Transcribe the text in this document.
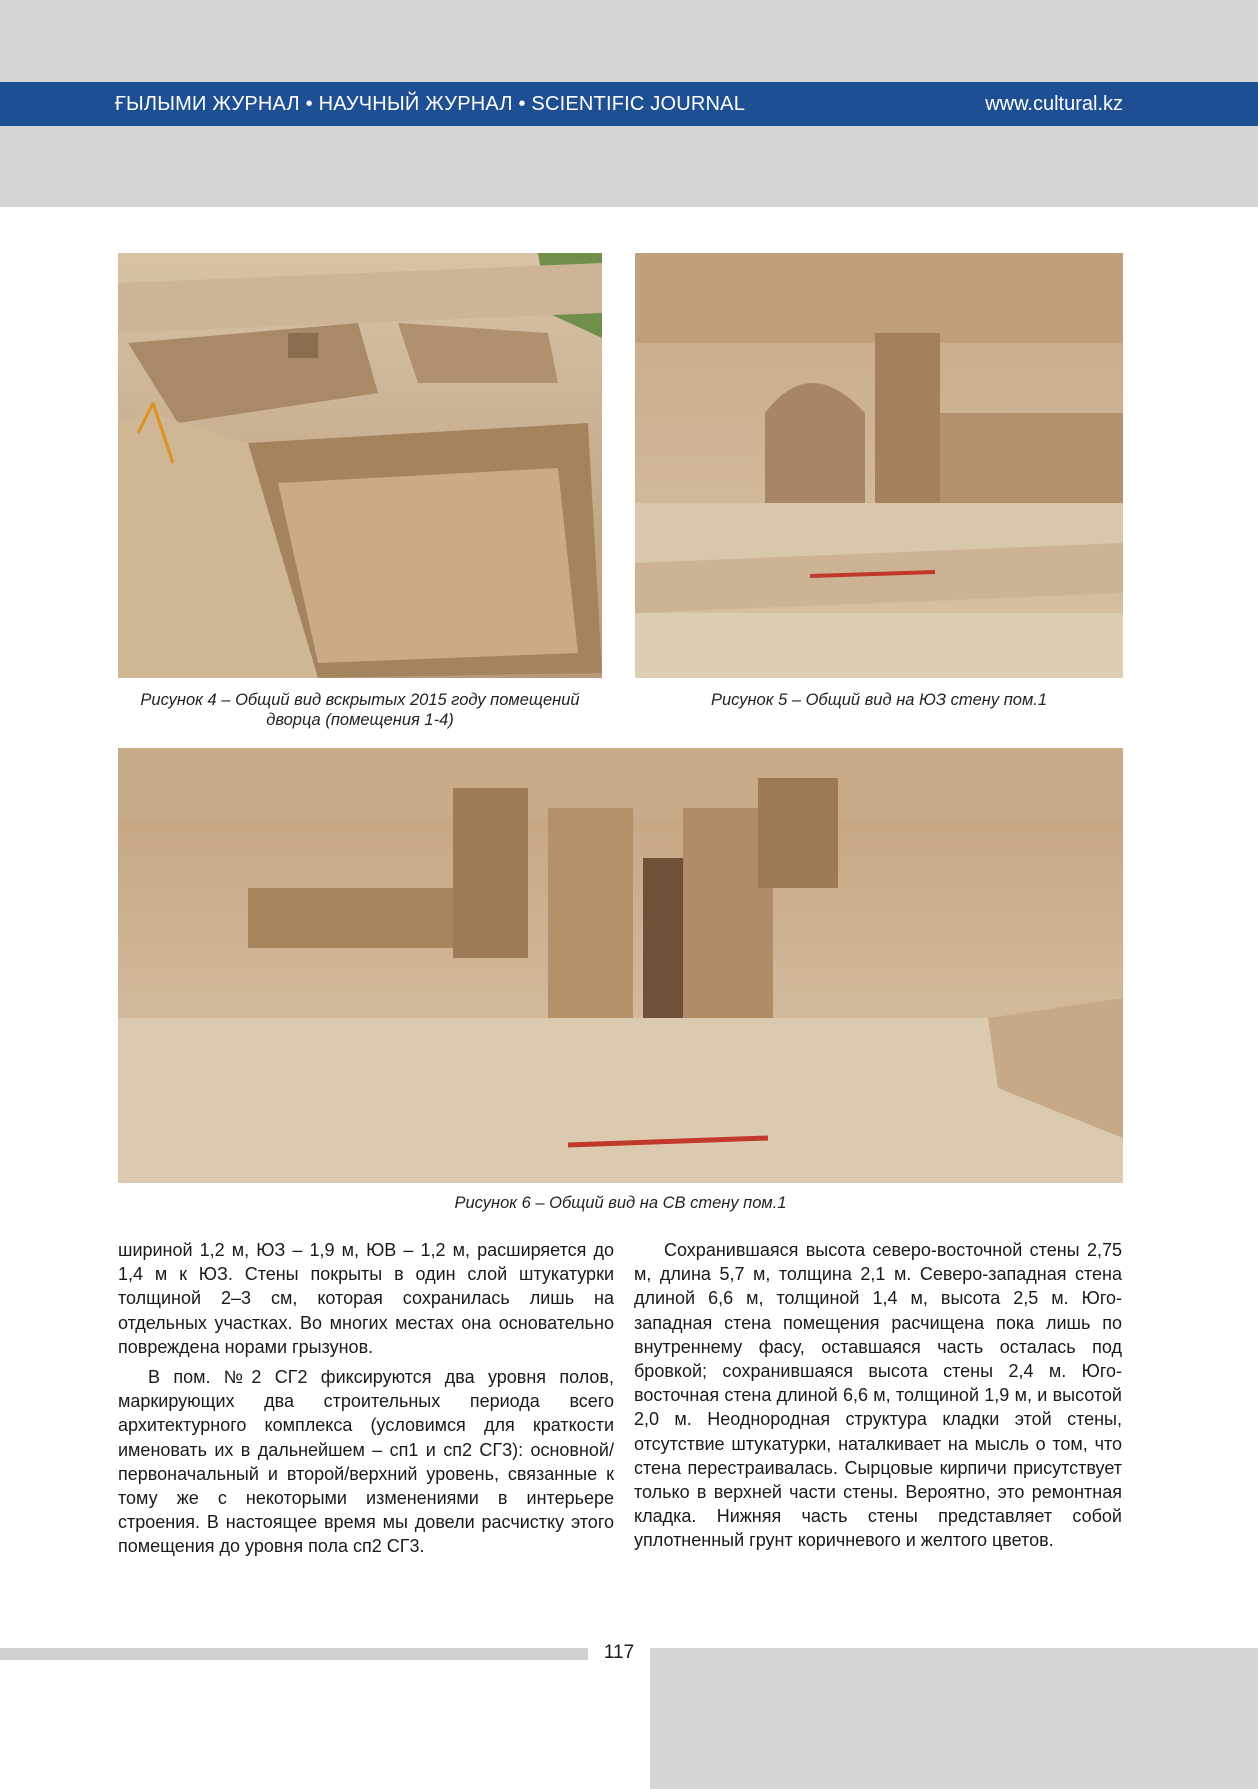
ҒЫЛЫМИ ЖУРНАЛ • НАУЧНЫЙ ЖУРНАЛ • SCIENTIFIC JOURNAL	www.cultural.kz
Рисунок 4 – Общий вид вскрытых 2015 году помещений дворца (помещения 1-4)
Рисунок 5 – Общий вид на ЮЗ стену пом.1
Рисунок 6 – Общий вид на СВ стену пом.1

шириной 1,2 м, ЮЗ – 1,9 м, ЮВ – 1,2 м, расширяется до 1,4 м к ЮЗ. Стены покрыты в один слой штукатурки толщиной 2–3 см, которая сохранилась лишь на отдельных участках. Во многих местах она основательно повреждена норами грызунов.

В пом. №2 СГ2 фиксируются два уровня полов, маркирующих два строительных периода всего архитектурного комплекса (условимся для краткости именовать их в дальнейшем – сп1 и сп2 СГ3): основной/первоначальный и второй/верхний уровень, связанные к тому же с некоторыми изменениями в интерьере строения. В настоящее время мы довели расчистку этого помещения до уровня пола сп2 СГ3.

Сохранившаяся высота северо-восточной стены 2,75 м, длина 5,7 м, толщина 2,1 м. Северо-западная стена длиной 6,6 м, толщиной 1,4 м, высота 2,5 м. Юго-западная стена помещения расчищена пока лишь по внутреннему фасу, оставшаяся часть осталась под бровкой; сохранившаяся высота стены 2,4 м. Юго-восточная стена длиной 6,6 м, толщиной 1,9 м, и высотой 2,0 м. Неоднородная структура кладки этой стены, отсутствие штукатурки, наталкивает на мысль о том, что стена перестраивалась. Сырцовые кирпичи присутствует только в верхней части стены. Вероятно, это ремонтная кладка. Нижняя часть стены представляет собой уплотненный грунт коричневого и желтого цветов.

117
